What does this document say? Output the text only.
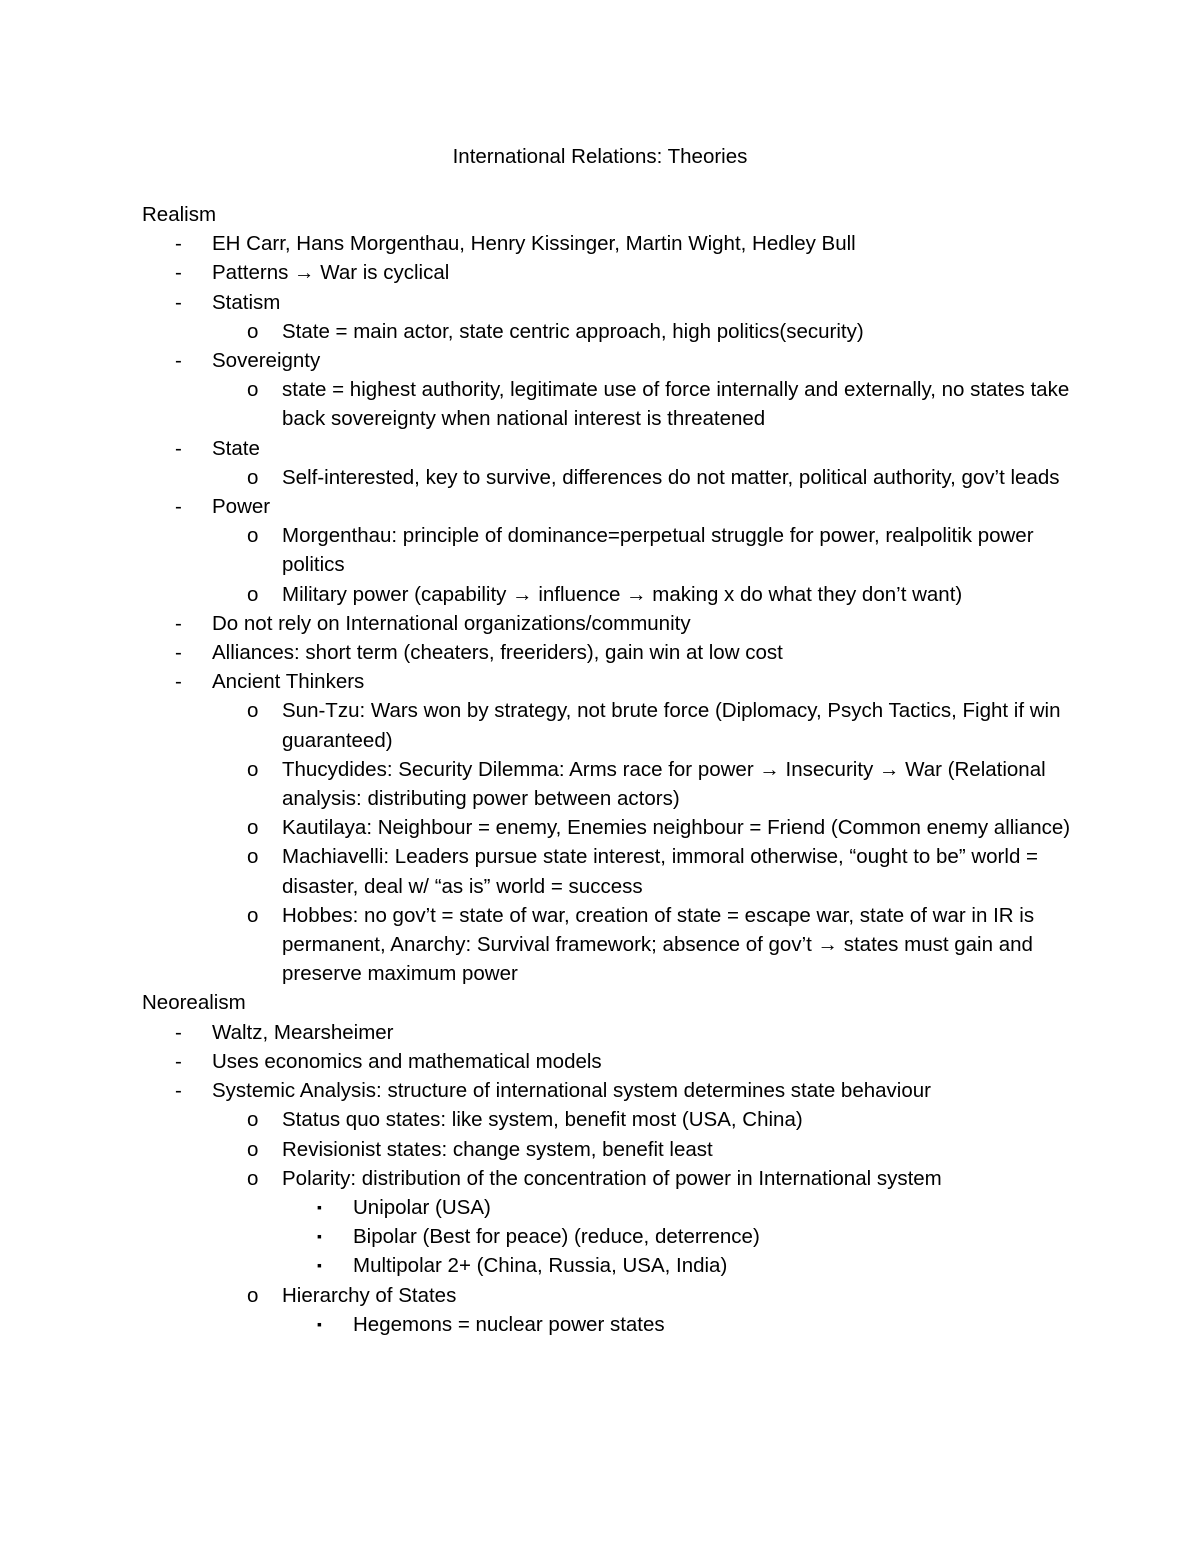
International Relations: Theories
Realism
- EH Carr, Hans Morgenthau, Henry Kissinger, Martin Wight, Hedley Bull
- Patterns → War is cyclical
- Statism
o State = main actor, state centric approach, high politics(security)
- Sovereignty
o state = highest authority, legitimate use of force internally and externally, no states take back sovereignty when national interest is threatened
- State
o Self-interested, key to survive, differences do not matter, political authority, gov’t leads
- Power
o Morgenthau: principle of dominance=perpetual struggle for power, realpolitik power politics
o Military power (capability → influence → making x do what they don’t want)
- Do not rely on International organizations/community
- Alliances: short term (cheaters, freeriders), gain win at low cost
- Ancient Thinkers
o Sun-Tzu: Wars won by strategy, not brute force (Diplomacy, Psych Tactics, Fight if win guaranteed)
o Thucydides: Security Dilemma: Arms race for power → Insecurity → War (Relational analysis: distributing power between actors)
o Kautilaya: Neighbour = enemy, Enemies neighbour = Friend (Common enemy alliance)
o Machiavelli: Leaders pursue state interest, immoral otherwise, “ought to be” world = disaster, deal w/ “as is” world = success
o Hobbes: no gov’t = state of war, creation of state = escape war, state of war in IR is permanent, Anarchy: Survival framework; absence of gov’t → states must gain and preserve maximum power
Neorealism
- Waltz, Mearsheimer
- Uses economics and mathematical models
- Systemic Analysis: structure of international system determines state behaviour
o Status quo states: like system, benefit most (USA, China)
o Revisionist states: change system, benefit least
o Polarity: distribution of the concentration of power in International system
▪ Unipolar (USA)
▪ Bipolar (Best for peace) (reduce, deterrence)
▪ Multipolar 2+ (China, Russia, USA, India)
o Hierarchy of States
▪ Hegemons = nuclear power states
